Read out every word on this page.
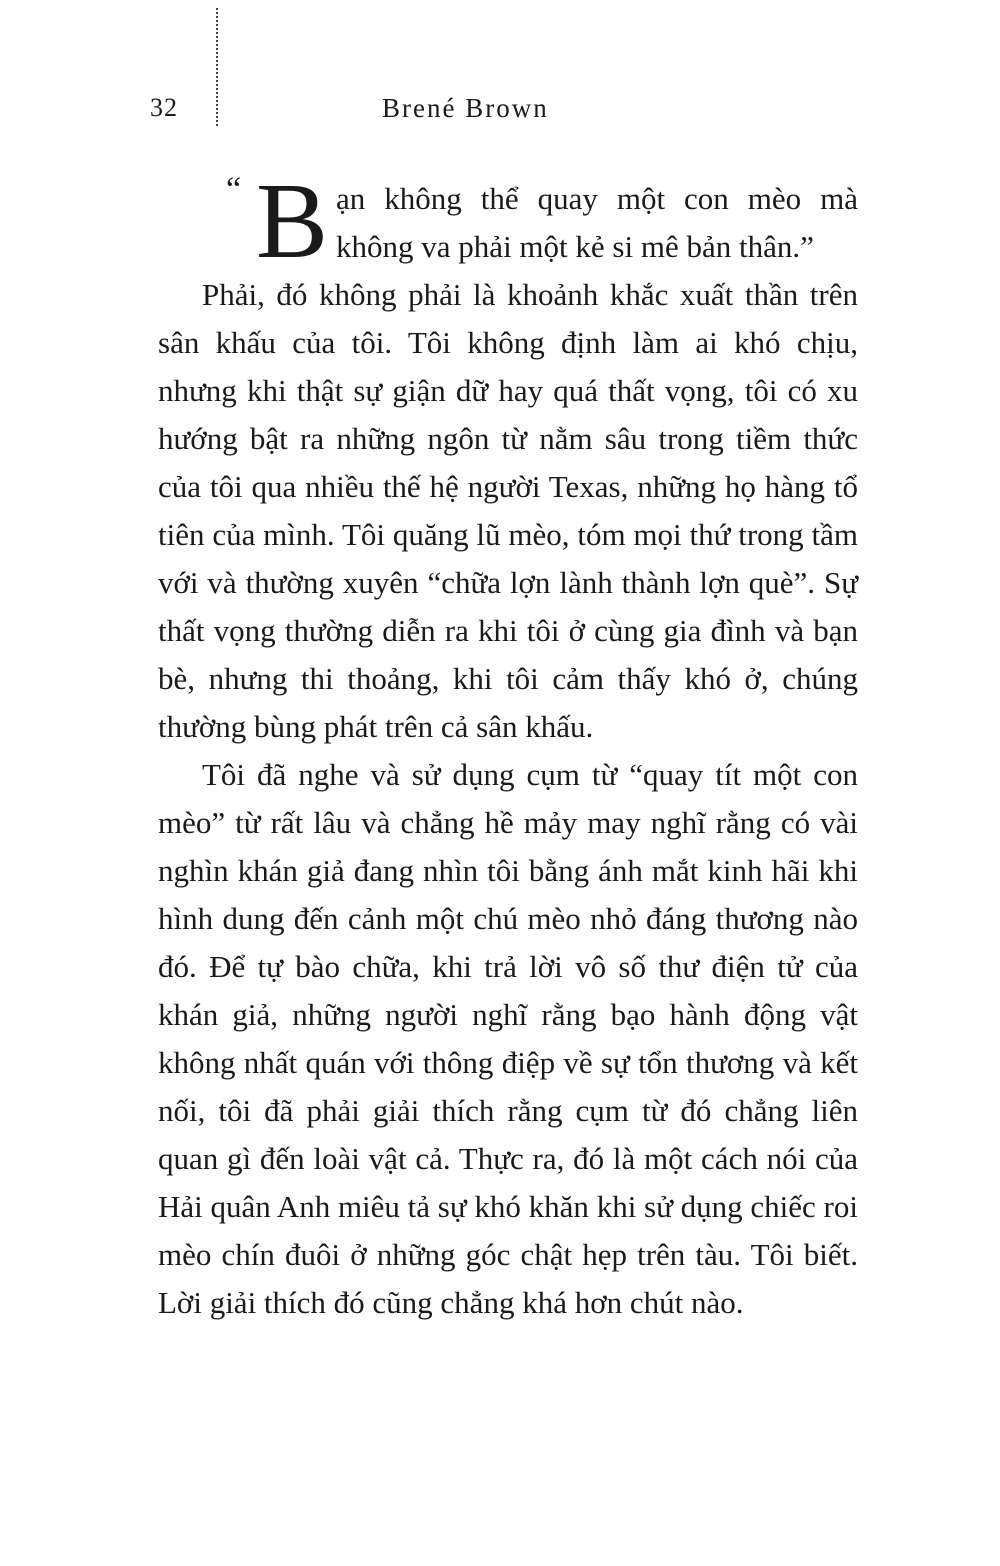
32	Brené Brown
“ B ạn không thể quay một con mèo mà không va phải một kẻ si mê bản thân.”

Phải, đó không phải là khoảnh khắc xuất thần trên sân khấu của tôi. Tôi không định làm ai khó chịu, nhưng khi thật sự giận dữ hay quá thất vọng, tôi có xu hướng bật ra những ngôn từ nằm sâu trong tiềm thức của tôi qua nhiều thế hệ người Texas, những họ hàng tổ tiên của mình. Tôi quăng lũ mèo, tóm mọi thứ trong tầm với và thường xuyên “chữa lợn lành thành lợn què”. Sự thất vọng thường diễn ra khi tôi ở cùng gia đình và bạn bè, nhưng thi thoảng, khi tôi cảm thấy khó ở, chúng thường bùng phát trên cả sân khấu.

Tôi đã nghe và sử dụng cụm từ “quay tít một con mèo” từ rất lâu và chẳng hề mảy may nghĩ rằng có vài nghìn khán giả đang nhìn tôi bằng ánh mắt kinh hãi khi hình dung đến cảnh một chú mèo nhỏ đáng thương nào đó. Để tự bào chữa, khi trả lời vô số thư điện tử của khán giả, những người nghĩ rằng bạo hành động vật không nhất quán với thông điệp về sự tổn thương và kết nối, tôi đã phải giải thích rằng cụm từ đó chẳng liên quan gì đến loài vật cả. Thực ra, đó là một cách nói của Hải quân Anh miêu tả sự khó khăn khi sử dụng chiếc roi mèo chín đuôi ở những góc chật hẹp trên tàu. Tôi biết. Lời giải thích đó cũng chẳng khá hơn chút nào.
